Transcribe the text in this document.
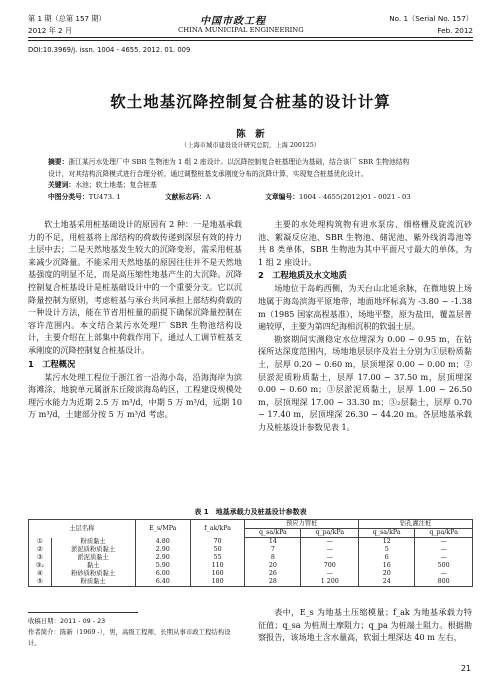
第 1 期（总第 157 期）	中国市政工程	No. 1（Serial No. 157）
2012 年 2 月	CHINA MUNICIPAL ENGINEERING	Feb. 2012
DOI:10.3969/j. issn. 1004 - 4655. 2012. 01. 009
软土地基沉降控制复合桩基的设计计算
陈　新
（上海市城市建设设计研究总院，上海 200125）
摘要：浙江某污水处理厂中 SBR 生物池为 1 组 2 座设计。以沉降控制复合桩基理论为基础，结合该厂 SBR 生物池结构
设计，对其结构沉降模式进行合理分析。通过调整桩基支承刚度分布的沉降计算，实现复合桩基优化设计。
关键词：水池；软土地基；复合桩基
中图分类号：TU473. 1	文献标志码：A	文章编号：1004 - 4655(2012)01 - 0021 - 03

软土地基采用桩基础设计的原因有 2 种：一是地基承载力的不足，用桩基将上部结构的荷载传递到深层有效的持力土层中去；二是天然地基发生较大的沉降变形，需采用桩基来减少沉降量。不能采用天然地基的原因往往并不是天然地基强度的明显不足，而是高压缩性地基产生的大沉降。沉降控制复合桩基设计是桩基础设计中的一个重要分支。它以沉降量控制为原则，考虑桩基与承台共同承担上部结构荷载的一种设计方法，能在节省用桩量的前提下确保沉降量控制在容许范围内。本文结合某污水处理厂 SBR 生物池结构设计，主要介绍在上部集中荷载作用下，通过人工调节桩基支承刚度的沉降控制复合桩基设计。

1　工程概况

某污水处理工程位于浙江省一沿海小岛，沿海海岸为滨海滩涂，地貌单元属浙东丘陵滨海岛屿区，工程建设规模处理污水能力为近期 2.5 万 m³/d，中期 5 万 m³/d，远期 10 万 m³/d，土建部分按 5 万 m³/d 考虑。

主要的水处理构筑物有进水泵房、细格栅及旋流沉砂池、絮凝反应池、SBR 生物池、储泥池、紫外线消毒池等共 8 类单体，SBR 生物池为其中平面尺寸最大的单体，为 1 组 2 座设计。

2　工程地质及水文地质

场地位于岛屿西侧，为天台山北延余脉，在微地貌上场地属于海岛滨海平原地带，地面地坪标高为 -3.80 ~ -1.38 m（1985 国家高程基准），场地平整，原为盐田，覆盖层普遍较厚，主要为第四纪海相沉积的软弱土层。

勘察期间实测稳定水位埋深为 0.00 ~ 0.95 m，在钻探所达深度范围内，场地地层层序及岩土分别为①层粉质黏土，层厚 0.20 ~ 0.60 m，层顶埋深 0.00 ~ 0.00 m；②层淤泥质粉质黏土，层厚 17.00 ~ 37.50 m，层顶埋深 0.00 ~ 0.60 m；③层淤泥质黏土，层厚 1.00 ~ 26.50 m，层顶埋深 17.00 ~ 33.30 m；③₂层黏土，层厚 0.70 ~ 17.40 m，层顶埋深 26.30 ~ 44.20 m。各层地基承载力及桩基设计参数见表 1。

表 1　地基承载力及桩基设计参数表
土层名称		E_s/MPa	f_ak/kPa	预应力管桩		钻孔灌注桩	
				q_sa/kPa	q_pa/kPa	q_sa/kPa	q_pa/kPa
①	粉质黏土	4.80	70	14	—	12	—
②	淤泥质粉质黏土	2.90	50	7	—	5	—
③	淤泥质黏土	2.90	55	8	—	6	—
③₂	黏土	5.90	110	20	700	16	500
④	粉砂质粉质黏土	6.00	160	26	—	20	—
⑤	粉质黏土	6.40	180	28	1 200	24	800

表中，E_s 为地基土压缩模量；f_ak 为地基承载力特征值；q_sa 为桩周土摩阻力；q_pa 为桩端土阻力。根据勘察报告，该场地土含水量高，软弱土埋深达 40 m 左右，

收稿日期：2011 - 09 - 23
作者简介：陈新（1969 -），男，高级工程师，长期从事市政工程结构设计。
21
